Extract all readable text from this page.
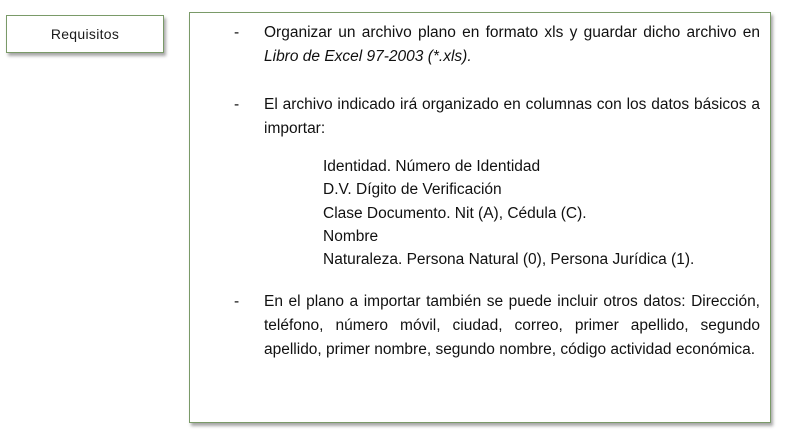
Requisitos	- Organizar un archivo plano en formato xls y guardar dicho archivo en Libro de Excel 97-2003 (*.xls).
- El archivo indicado irá organizado en columnas con los datos básicos a importar:
Identidad. Número de Identidad
D.V. Dígito de Verificación
Clase Documento. Nit (A), Cédula (C).
Nombre
Naturaleza. Persona Natural (0), Persona Jurídica (1).
- En el plano a importar también se puede incluir otros datos: Dirección, teléfono, número móvil, ciudad, correo, primer apellido, segundo apellido, primer nombre, segundo nombre, código actividad económica.
